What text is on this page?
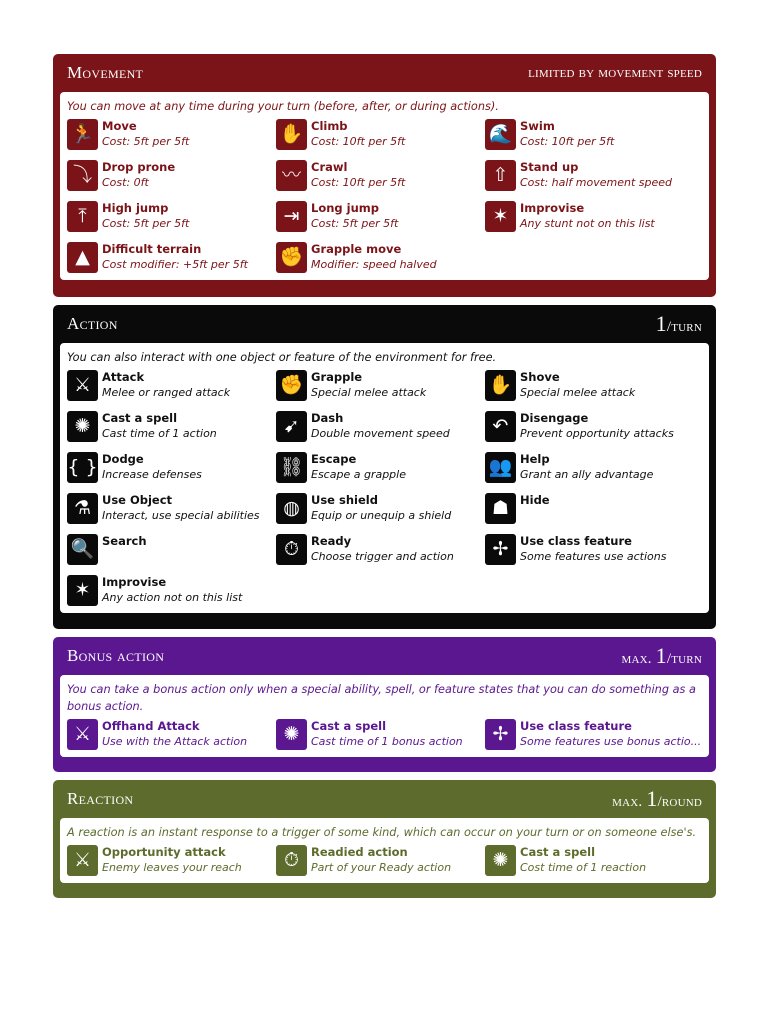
Movement	limited by movement speed
You can move at any time during your turn (before, after, or during actions).
🏃 Move
Cost: 5ft per 5ft	✋ Climb
Cost: 10ft per 5ft	🌊 Swim
Cost: 10ft per 5ft
⤵ Drop prone
Cost: 0ft	〰 Crawl
Cost: 10ft per 5ft	⇧	Stand up
Cost: half movement speed
⤒	High jump
Cost: 5ft per 5ft	⇥	Long jump
Cost: 5ft per 5ft	✶	Improvise
Any stunt not on this list
▲	Difficult terrain
Cost modifier: +5ft per 5ft ✊ Grapple move
Modifier: speed halved
Action	1/turn
You can also interact with one object or feature of the environment for free.
⚔ Attack
Melee or ranged attack	✊ Grapple
Special melee attack	✋ Shove
Special melee attack
✺	Cast a spell
Cast time of 1 action	➹	Dash
Double movement speed	↶	Disengage
Prevent opportunity attacks
{ } Dodge
Increase defenses	⛓ Escape
Escape a grapple	👥 Help
Grant an ally advantage
⚗ Use Object
Interact, use special abilities	◍ Use shield
Equip or unequip a shield	☗ Hide
🔍 Search	⏱	Ready
Choose trigger and action	✢	Use class feature
Some features use actions
✶	Improvise
Any action not on this list
Bonus action	max. 1/turn
You can take a bonus action only when a special ability, spell, or feature states that you can do something as a bonus action.
⚔ Offhand Attack
Use with the Attack action	✺	Cast a spell
Cast time of 1 bonus action	✢	Use class feature
Some features use bonus actio...
Reaction	max. 1/round
A reaction is an instant response to a trigger of some kind, which can occur on your turn or on someone else's.
⚔ Opportunity attack
Enemy leaves your reach	⏱	Readied action
Part of your Ready action	✺	Cast a spell
Cost time of 1 reaction
